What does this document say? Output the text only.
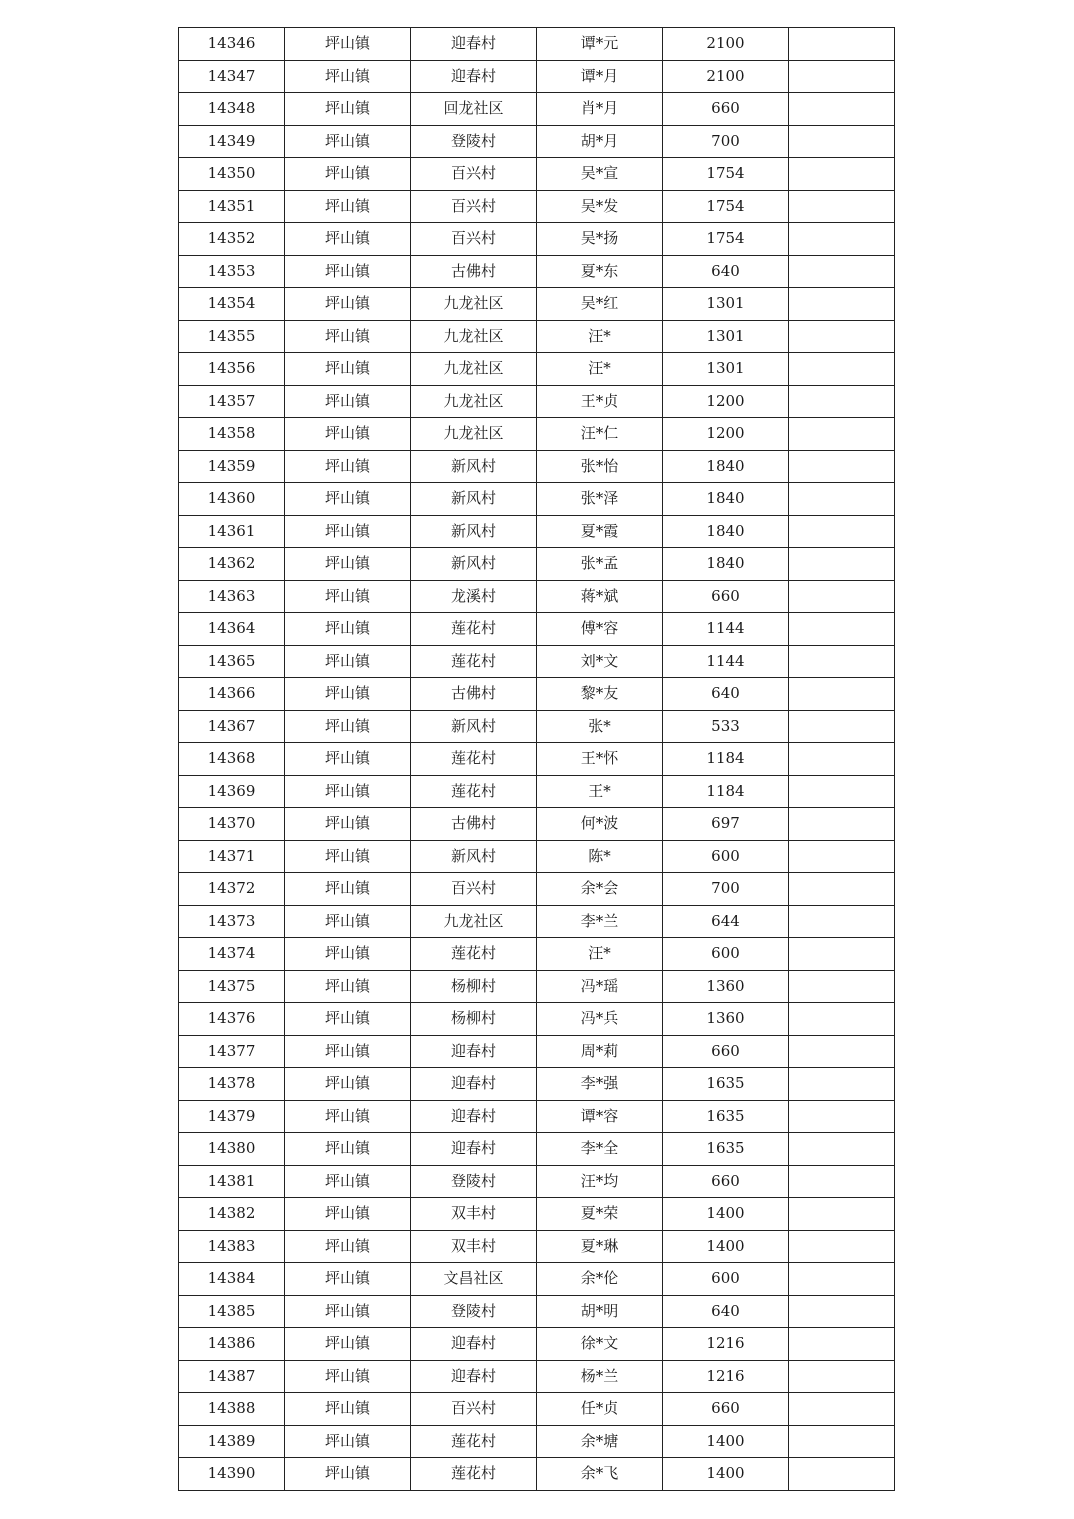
14346	坪山镇	迎春村	谭*元	2100	
14347	坪山镇	迎春村	谭*月	2100	
14348	坪山镇	回龙社区	肖*月	660	
14349	坪山镇	登陵村	胡*月	700	
14350	坪山镇	百兴村	吴*宣	1754	
14351	坪山镇	百兴村	吴*发	1754	
14352	坪山镇	百兴村	吴*扬	1754	
14353	坪山镇	古佛村	夏*东	640	
14354	坪山镇	九龙社区	吴*红	1301	
14355	坪山镇	九龙社区	汪*	1301	
14356	坪山镇	九龙社区	汪*	1301	
14357	坪山镇	九龙社区	王*贞	1200	
14358	坪山镇	九龙社区	汪*仁	1200	
14359	坪山镇	新风村	张*怡	1840	
14360	坪山镇	新风村	张*泽	1840	
14361	坪山镇	新风村	夏*霞	1840	
14362	坪山镇	新风村	张*孟	1840	
14363	坪山镇	龙溪村	蒋*斌	660	
14364	坪山镇	莲花村	傅*容	1144	
14365	坪山镇	莲花村	刘*文	1144	
14366	坪山镇	古佛村	黎*友	640	
14367	坪山镇	新风村	张*	533	
14368	坪山镇	莲花村	王*怀	1184	
14369	坪山镇	莲花村	王*	1184	
14370	坪山镇	古佛村	何*波	697	
14371	坪山镇	新风村	陈*	600	
14372	坪山镇	百兴村	余*会	700	
14373	坪山镇	九龙社区	李*兰	644	
14374	坪山镇	莲花村	汪*	600	
14375	坪山镇	杨柳村	冯*瑶	1360	
14376	坪山镇	杨柳村	冯*兵	1360	
14377	坪山镇	迎春村	周*莉	660	
14378	坪山镇	迎春村	李*强	1635	
14379	坪山镇	迎春村	谭*容	1635	
14380	坪山镇	迎春村	李*全	1635	
14381	坪山镇	登陵村	汪*均	660	
14382	坪山镇	双丰村	夏*荣	1400	
14383	坪山镇	双丰村	夏*琳	1400	
14384	坪山镇	文昌社区	余*伦	600	
14385	坪山镇	登陵村	胡*明	640	
14386	坪山镇	迎春村	徐*文	1216	
14387	坪山镇	迎春村	杨*兰	1216	
14388	坪山镇	百兴村	任*贞	660	
14389	坪山镇	莲花村	余*塘	1400	
14390	坪山镇	莲花村	余*飞	1400	
